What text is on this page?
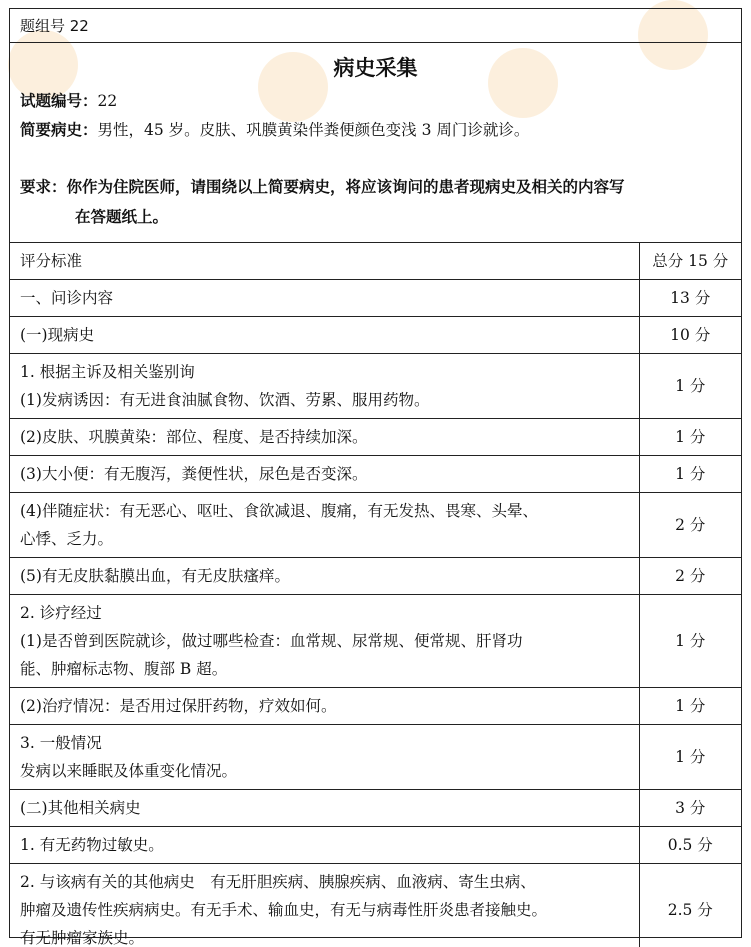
题组号 22
病史采集
试题编号：22
简要病史：男性，45 岁。皮肤、巩膜黄染伴粪便颜色变浅 3 周门诊就诊。
要求：你作为住院医师，请围绕以上简要病史，将应该询问的患者现病史及相关的内容写
在答题纸上。
评分标准	总分 15 分

一、问诊内容	13 分

(一)现病史	10 分

1. 根据主诉及相关鉴别询
(1)发病诱因：有无进食油腻食物、饮酒、劳累、服用药物。	1 分

(2)皮肤、巩膜黄染：部位、程度、是否持续加深。	1 分

(3)大小便：有无腹泻，粪便性状，尿色是否变深。	1 分

(4)伴随症状：有无恶心、呕吐、食欲减退、腹痛，有无发热、畏寒、头晕、
心悸、乏力。	2 分

(5)有无皮肤黏膜出血，有无皮肤瘙痒。	2 分

2. 诊疗经过
(1)是否曾到医院就诊，做过哪些检查：血常规、尿常规、便常规、肝肾功
能、肿瘤标志物、腹部 B 超。	1 分

(2)治疗情况：是否用过保肝药物，疗效如何。	1 分

3. 一般情况
发病以来睡眠及体重变化情况。	1 分

(二)其他相关病史	3 分

1. 有无药物过敏史。	0.5 分

2. 与该病有关的其他病史　有无肝胆疾病、胰腺疾病、血液病、寄生虫病、
肿瘤及遗传性疾病病史。有无手术、输血史，有无与病毒性肝炎患者接触史。
有无肿瘤家族史。	2.5 分
